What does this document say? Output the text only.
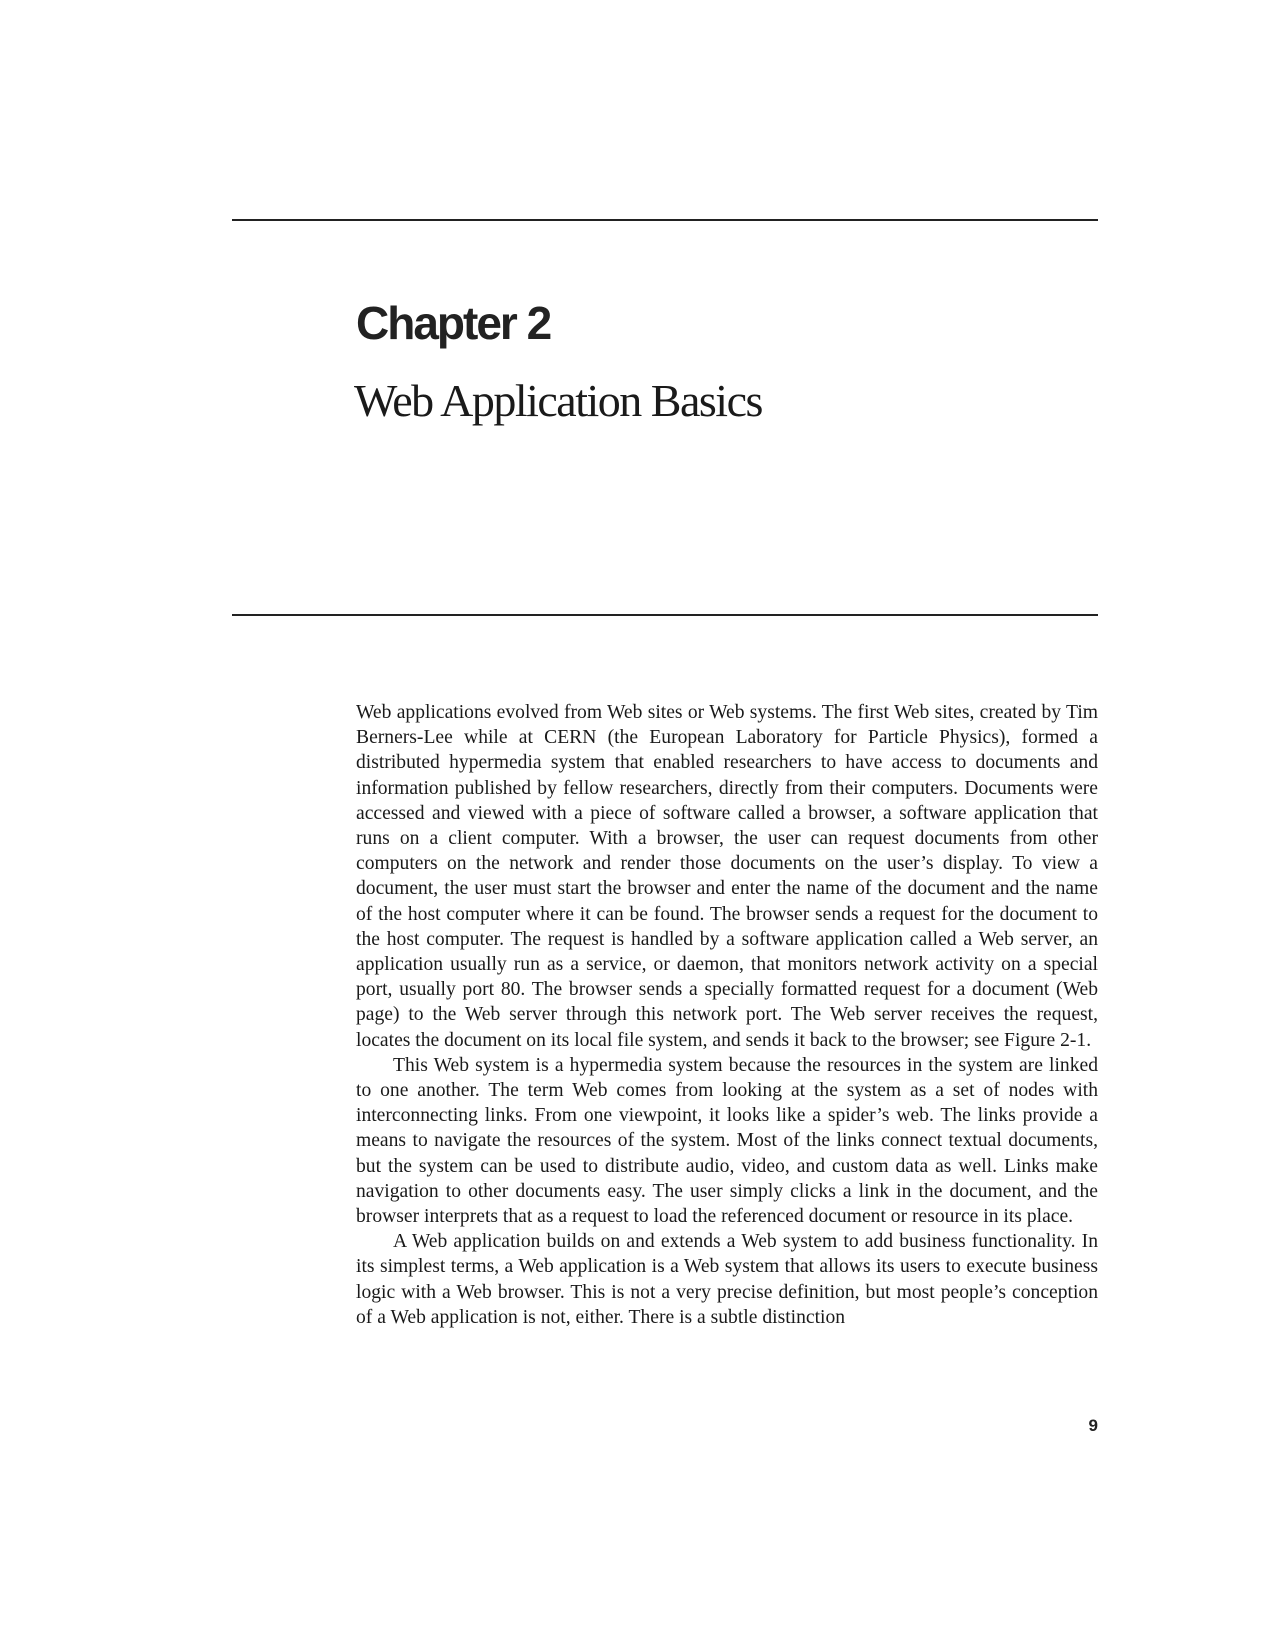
Chapter 2
Web Application Basics

Web applications evolved from Web sites or Web systems. The first Web sites, created by Tim Berners-Lee while at CERN (the European Laboratory for Particle Physics), formed a distributed hypermedia system that enabled researchers to have access to documents and information published by fellow researchers, directly from their computers. Documents were accessed and viewed with a piece of software called a browser, a software application that runs on a client computer. With a browser, the user can request documents from other computers on the network and render those documents on the user’s display. To view a document, the user must start the browser and enter the name of the document and the name of the host computer where it can be found. The browser sends a request for the document to the host computer. The request is handled by a software application called a Web server, an application usually run as a service, or daemon, that monitors network activity on a special port, usually port 80. The browser sends a specially formatted request for a document (Web page) to the Web server through this network port. The Web server receives the request, locates the document on its local file system, and sends it back to the browser; see Figure 2-1.

This Web system is a hypermedia system because the resources in the system are linked to one another. The term Web comes from looking at the system as a set of nodes with interconnecting links. From one viewpoint, it looks like a spider’s web. The links provide a means to navigate the resources of the system. Most of the links connect textual documents, but the system can be used to distribute audio, video, and custom data as well. Links make navigation to other documents easy. The user simply clicks a link in the document, and the browser interprets that as a request to load the referenced document or resource in its place.

A Web application builds on and extends a Web system to add business functionality. In its simplest terms, a Web application is a Web system that allows its users to execute business logic with a Web browser. This is not a very precise definition, but most people’s conception of a Web application is not, either. There is a subtle distinction

9
